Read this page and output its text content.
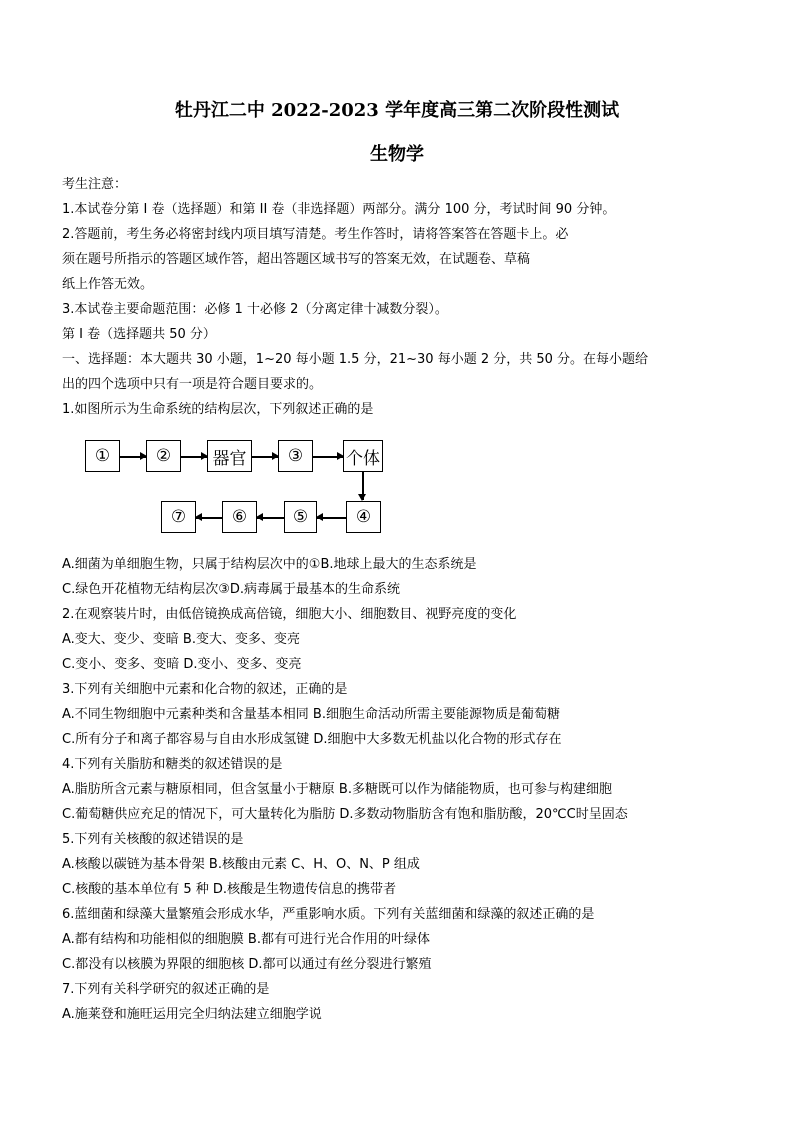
牡丹江二中 2022-2023 学年度高三第二次阶段性测试
生物学
考生注意：
1.本试卷分第 I 卷（选择题）和第 II 卷（非选择题）两部分。满分 100 分，考试时间 90 分钟。
2.答题前，考生务必将密封线内项目填写清楚。考生作答时，请将答案答在答题卡上。必
须在题号所指示的答题区域作答，超出答题区域书写的答案无效，在试题卷、草稿
纸上作答无效。
3.本试卷主要命题范围：必修 1 十必修 2（分离定律十减数分裂）。
第 I 卷（选择题共 50 分）
一、选择题：本大题共 30 小题，1~20 每小题 1.5 分，21~30 每小题 2 分，共 50 分。在每小题给
出的四个选项中只有一项是符合题目要求的。
1.如图所示为生命系统的结构层次，下列叙述正确的是
①	②	器官	③	个体
④
⑤
⑥
⑦
A.细菌为单细胞生物，只属于结构层次中的①B.地球上最大的生态系统是
C.绿色开花植物无结构层次③D.病毒属于最基本的生命系统
2.在观察装片时，由低倍镜换成高倍镜，细胞大小、细胞数目、视野亮度的变化
A.变大、变少、变暗 B.变大、变多、变亮
C.变小、变多、变暗 D.变小、变多、变亮
3.下列有关细胞中元素和化合物的叙述，正确的是
A.不同生物细胞中元素种类和含量基本相同 B.细胞生命活动所需主要能源物质是葡萄糖
C.所有分子和离子都容易与自由水形成氢键 D.细胞中大多数无机盐以化合物的形式存在
4.下列有关脂肪和糖类的叙述错误的是
A.脂肪所含元素与糖原相同，但含氢量小于糖原 B.多糖既可以作为储能物质，也可参与构建细胞
C.葡萄糖供应充足的情况下，可大量转化为脂肪 D.多数动物脂肪含有饱和脂肪酸，20℃C时呈固态
5.下列有关核酸的叙述错误的是
A.核酸以碳链为基本骨架 B.核酸由元素 C、H、O、N、P 组成
C.核酸的基本单位有 5 种 D.核酸是生物遗传信息的携带者
6.蓝细菌和绿藻大量繁殖会形成水华，严重影响水质。下列有关蓝细菌和绿藻的叙述正确的是
A.都有结构和功能相似的细胞膜 B.都有可进行光合作用的叶绿体
C.都没有以核膜为界限的细胞核 D.都可以通过有丝分裂进行繁殖
7.下列有关科学研究的叙述正确的是
A.施莱登和施旺运用完全归纳法建立细胞学说
